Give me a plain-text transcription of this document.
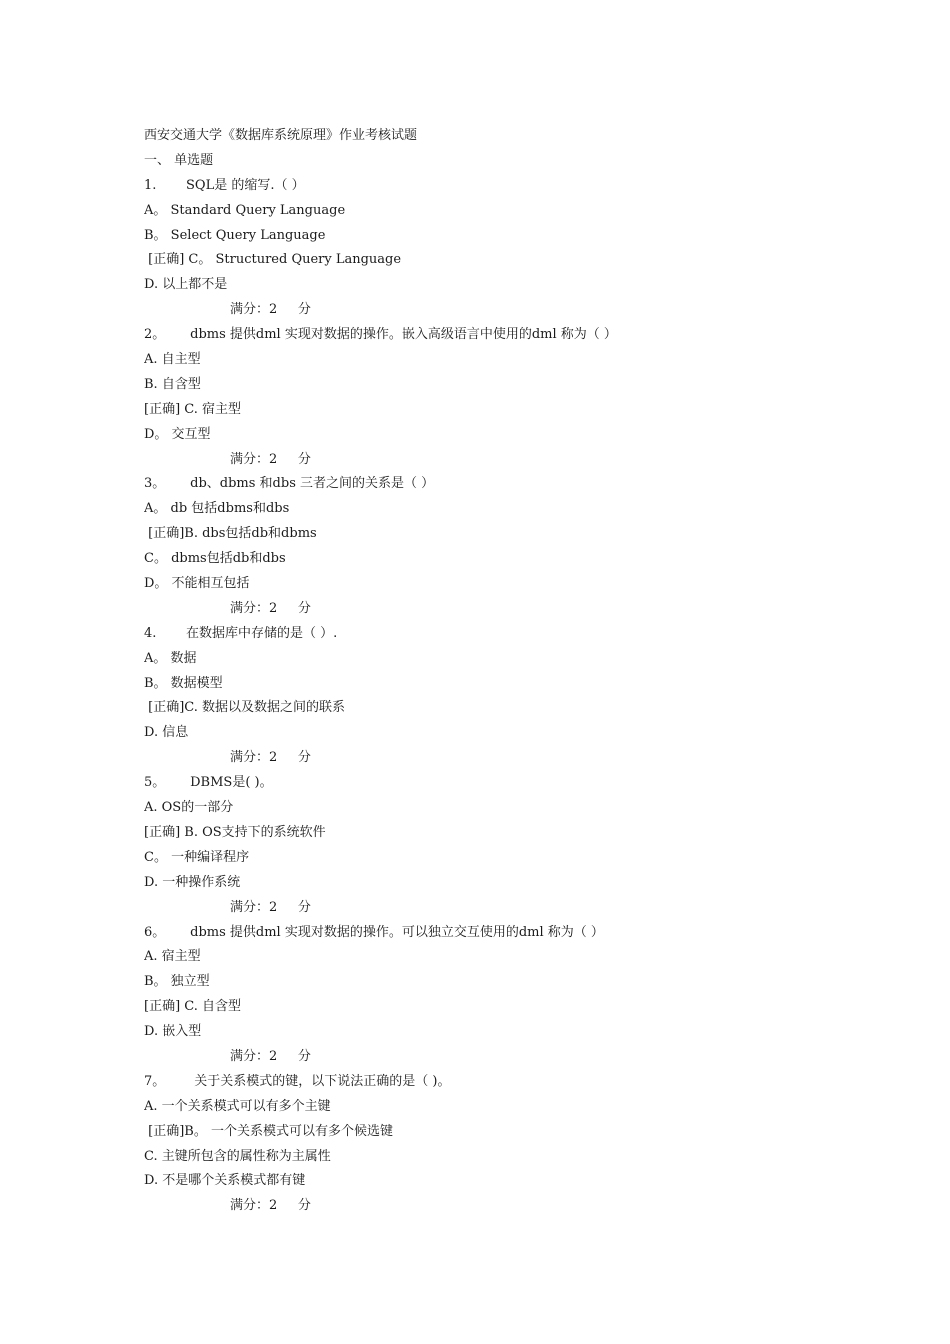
西安交通大学《数据库系统原理》作业考核试题
一、 单选题
1. SQL是 的缩写.（ ）
A。 Standard Query Language
B。 Select Query Language
[正确] C。 Structured Query Language
D. 以上都不是
满分：2     分
2。 dbms 提供dml 实现对数据的操作。嵌入高级语言中使用的dml 称为（ ）
A. 自主型
B. 自含型
[正确] C. 宿主型
D。 交互型
满分：2     分
3。 db、dbms 和dbs 三者之间的关系是（ ）
A。 db 包括dbms和dbs
[正确]B. dbs包括db和dbms
C。 dbms包括db和dbs
D。 不能相互包括
满分：2     分
4. 在数据库中存储的是（ ）.
A。 数据
B。 数据模型
[正确]C. 数据以及数据之间的联系
D. 信息
满分：2     分
5。 DBMS是( )。
A. OS的一部分
[正确] B. OS支持下的系统软件
C。 一种编译程序
D. 一种操作系统
满分：2     分
6。 dbms 提供dml 实现对数据的操作。可以独立交互使用的dml 称为（ ）
A. 宿主型
B。 独立型
[正确] C. 自含型
D. 嵌入型
满分：2     分
7。  关于关系模式的键，以下说法正确的是（ )。
A. 一个关系模式可以有多个主键
[正确]B。 一个关系模式可以有多个候选键
C. 主键所包含的属性称为主属性
D. 不是哪个关系模式都有键
满分：2     分
